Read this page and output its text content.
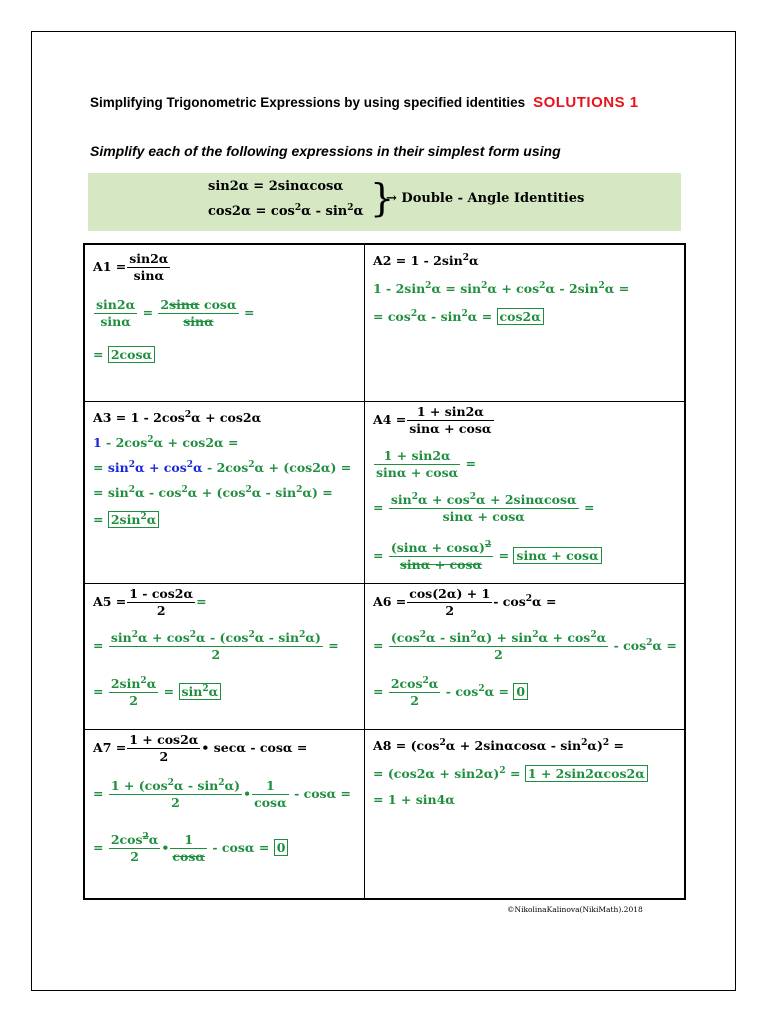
Simplifying Trigonometric Expressions by using specified identities SOLUTIONS 1
Simplify each of the following expressions in their simplest form using
sin2α = 2sinαcosα
$\cos 2\alpha = \cos^2\alpha - \sin^2\alpha$ }
→ Double - Angle Identities
$A1 = \frac{\sin 2\alpha}{\sin\alpha}$
$\frac{\sin 2\alpha}{\sin\alpha} = \frac{\text{2sinα cosα}}{\sin\alpha}$ =
= 2cosα
$A2 = 1 - 2\sin^2\alpha$
$1 - 2\sin^2\alpha = \sin^2\alpha + \cos^2\alpha - 2\sin^2\alpha$ =
= $\cos^2\alpha - \sin^2\alpha = \cos 2\alpha$
$A3 = 1 - 2\cos^2\alpha + \cos 2\alpha$
$1 - 2\cos^2\alpha + \cos 2\alpha$ =
= $\sin^2\alpha + \cos^2\alpha - 2\cos^2\alpha + (\cos 2\alpha)$ =
= $\sin^2\alpha - \cos^2\alpha + (\cos^2\alpha - \sin^2\alpha)$ =
= $2\sin^2\alpha$
$A4 = \frac{1 + \sin 2\alpha}{\sin\alpha + \cos\alpha}$
$\frac{1 + \sin 2\alpha}{\sin\alpha + \cos\alpha}$ =
= $\frac{\sin^2\alpha + \cos^2\alpha + 2\sin\alpha\cos\alpha}{\sin\alpha + \cos\alpha}$ =
= $\frac{(\sin\alpha + \cos\alpha)^2}{\sin\alpha + \cos\alpha} = \sin\alpha + \cos\alpha$
$A5 = \frac{1 - \cos 2\alpha}{2}$ =
= $\frac{\sin^2\alpha + \cos^2\alpha - (\cos^2\alpha - \sin^2\alpha)}{2}$ =
= $\frac{2\sin^2\alpha}{2} = \sin^2\alpha$
$A6 = \frac{\cos(2\alpha) + 1}{2} - \cos^2\alpha$ =
= $\frac{(\cos^2\alpha - \sin^2\alpha) + \sin^2\alpha + \cos^2\alpha}{2} - \cos^2\alpha$ =
= $\frac{2\cos^2\alpha}{2} - \cos^2\alpha = 0$
$A7 = \frac{1 + \cos 2\alpha}{2}$ • secα - cosα =
= $\frac{1 + (\cos^2\alpha - \sin^2\alpha)}{2}$ • $\frac{1}{\cos\alpha}$ - cosα =
= $\frac{2\cos^2\alpha}{2}$ • $\frac{1}{\cos\alpha} - \cos\alpha = 0$
$A8 = (\cos^2\alpha + 2\sin\alpha\cos\alpha - \sin^2\alpha)^2$ =
= $(\cos 2\alpha + \sin 2\alpha)^2 = 1 + 2\sin 2\alpha\cos 2\alpha$
= 1 + sin4α
©NikolinaKalinova(NikiMath).2018
